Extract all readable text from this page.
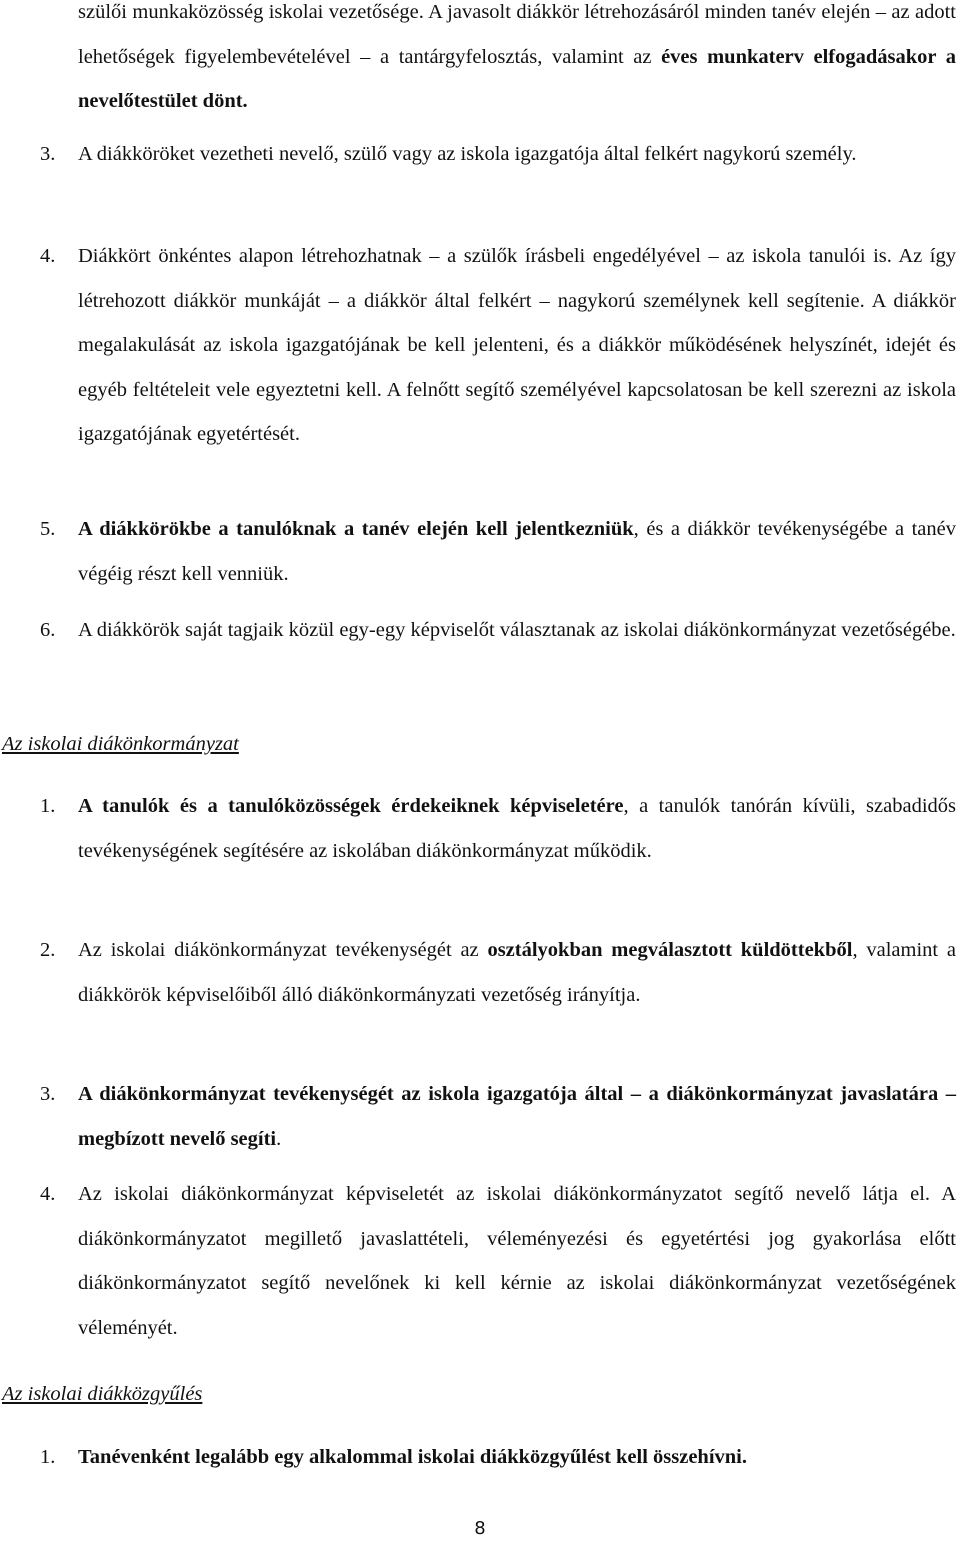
szülői munkaközösség iskolai vezetősége. A javasolt diákkör létrehozásáról minden tanév elején – az adott lehetőségek figyelembevételével – a tantárgyfelosztás, valamint az éves munkaterv elfogadásakor a nevelőtestület dönt.

3.	A diákköröket vezetheti nevelő, szülő vagy az iskola igazgatója által felkért nagykorú személy.

4.	Diákkört önkéntes alapon létrehozhatnak – a szülők írásbeli engedélyével – az iskola tanulói is. Az így létrehozott diákkör munkáját – a diákkör által felkért – nagykorú személynek kell segítenie. A diákkör megalakulását az iskola igazgatójának be kell jelenteni, és a diákkör működésének helyszínét, idejét és egyéb feltételeit vele egyeztetni kell. A felnőtt segítő személyével kapcsolatosan be kell szerezni az iskola igazgatójának egyetértését.

5.	A diákkörökbe a tanulóknak a tanév elején kell jelentkezniük, és a diákkör tevékenységébe a tanév végéig részt kell venniük.

6.	A diákkörök saját tagjaik közül egy-egy képviselőt választanak az iskolai diákönkormányzat vezetőségébe.

Az iskolai diákönkormányzat
1.	A tanulók és a tanulóközösségek érdekeiknek képviseletére, a tanulók tanórán kívüli, szabadidős tevékenységének segítésére az iskolában diákönkormányzat működik.

2.	Az iskolai diákönkormányzat tevékenységét az osztályokban megválasztott küldöttekből, valamint a diákkörök képviselőiből álló diákönkormányzati vezetőség irányítja.

3.	A diákönkormányzat tevékenységét az iskola igazgatója által – a diákönkormányzat javaslatára –megbízott nevelő segíti.

4.	Az iskolai diákönkormányzat képviseletét az iskolai diákönkormányzatot segítő nevelő látja el. A diákönkormányzatot megillető javaslattételi, véleményezési és egyetértési jog gyakorlása előtt diákönkormányzatot segítő nevelőnek ki kell kérnie az iskolai diákönkormányzat vezetőségének véleményét.

Az iskolai diákközgyűlés
1.	Tanévenként legalább egy alkalommal iskolai diákközgyűlést kell összehívni.

8
